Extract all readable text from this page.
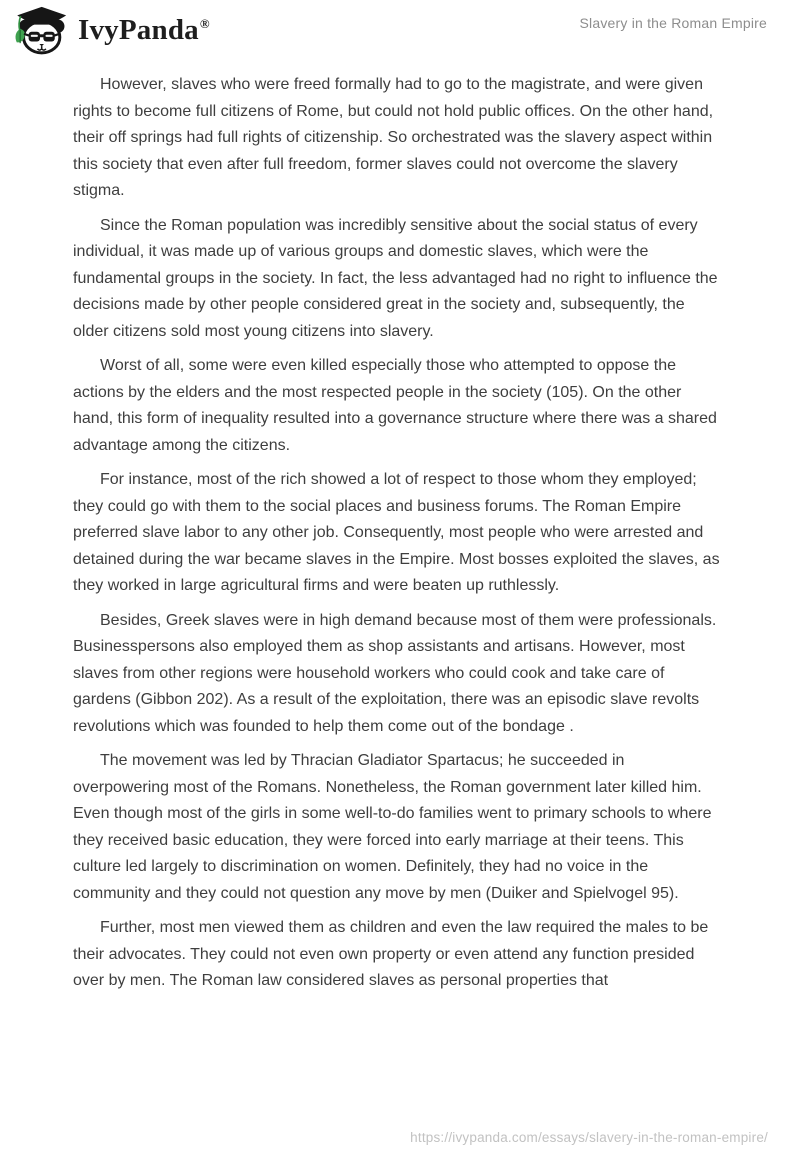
IvyPanda®	Slavery in the Roman Empire

However, slaves who were freed formally had to go to the magistrate, and were given rights to become full citizens of Rome, but could not hold public offices. On the other hand, their off springs had full rights of citizenship. So orchestrated was the slavery aspect within this society that even after full freedom, former slaves could not overcome the slavery stigma.

Since the Roman population was incredibly sensitive about the social status of every individual, it was made up of various groups and domestic slaves, which were the fundamental groups in the society. In fact, the less advantaged had no right to influence the decisions made by other people considered great in the society and, subsequently, the older citizens sold most young citizens into slavery.

Worst of all, some were even killed especially those who attempted to oppose the actions by the elders and the most respected people in the society (105). On the other hand, this form of inequality resulted into a governance structure where there was a shared advantage among the citizens.

For instance, most of the rich showed a lot of respect to those whom they employed; they could go with them to the social places and business forums. The Roman Empire preferred slave labor to any other job. Consequently, most people who were arrested and detained during the war became slaves in the Empire. Most bosses exploited the slaves, as they worked in large agricultural firms and were beaten up ruthlessly.

Besides, Greek slaves were in high demand because most of them were professionals. Businesspersons also employed them as shop assistants and artisans. However, most slaves from other regions were household workers who could cook and take care of gardens (Gibbon 202). As a result of the exploitation, there was an episodic slave revolts revolutions which was founded to help them come out of the bondage .

The movement was led by Thracian Gladiator Spartacus; he succeeded in overpowering most of the Romans. Nonetheless, the Roman government later killed him. Even though most of the girls in some well-to-do families went to primary schools to where they received basic education, they were forced into early marriage at their teens. This culture led largely to discrimination on women. Definitely, they had no voice in the community and they could not question any move by men (Duiker and Spielvogel 95).

Further, most men viewed them as children and even the law required the males to be their advocates. They could not even own property or even attend any function presided over by men. The Roman law considered slaves as personal properties that

https://ivypanda.com/essays/slavery-in-the-roman-empire/
